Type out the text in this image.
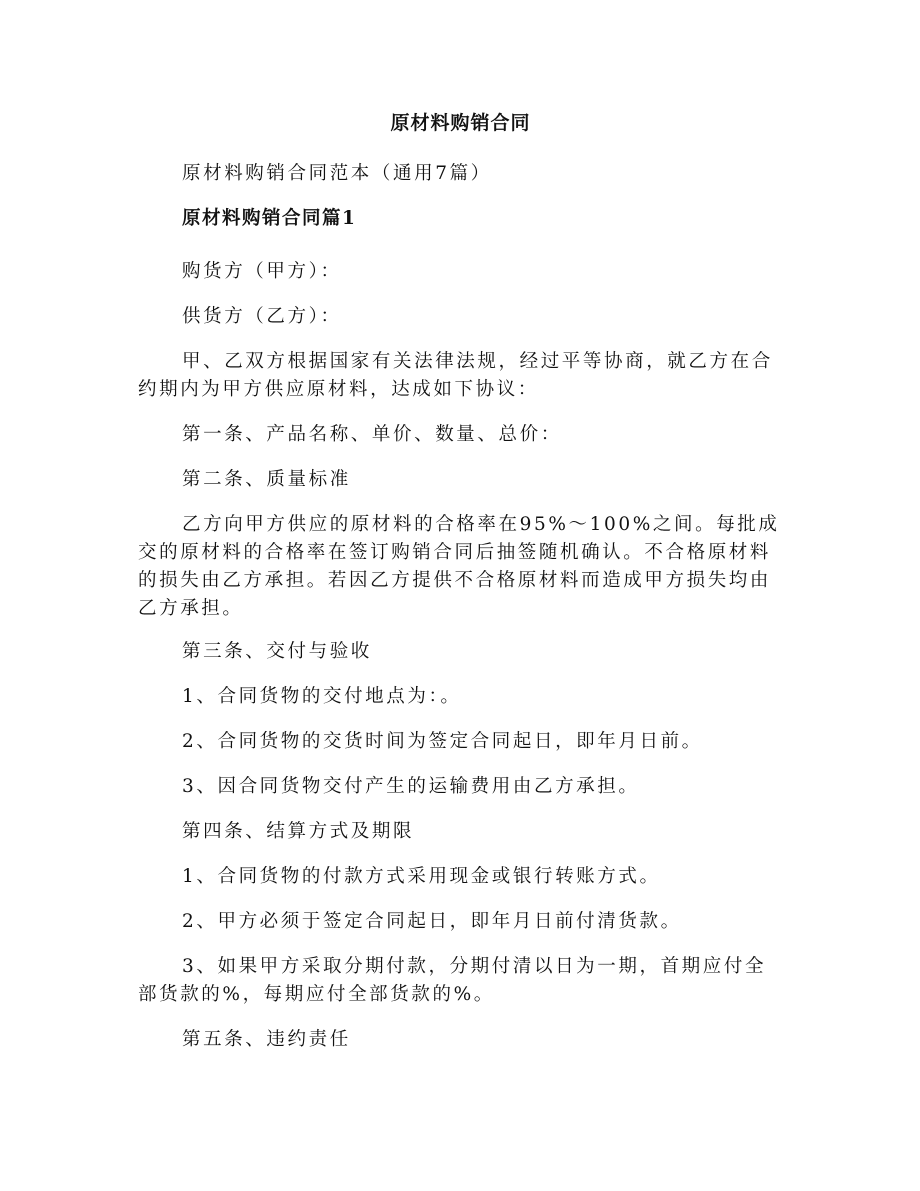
原材料购销合同
原材料购销合同范本（通用7篇）
原材料购销合同篇1
购货方（甲方）：
供货方（乙方）：
甲、乙双方根据国家有关法律法规，经过平等协商，就乙方在合约期内为甲方供应原材料，达成如下协议：
第一条、产品名称、单价、数量、总价：
第二条、质量标准
乙方向甲方供应的原材料的合格率在95%～100%之间。每批成交的原材料的合格率在签订购销合同后抽签随机确认。不合格原材料的损失由乙方承担。若因乙方提供不合格原材料而造成甲方损失均由乙方承担。
第三条、交付与验收
1、合同货物的交付地点为：。
2、合同货物的交货时间为签定合同起日，即年月日前。
3、因合同货物交付产生的运输费用由乙方承担。
第四条、结算方式及期限
1、合同货物的付款方式采用现金或银行转账方式。
2、甲方必须于签定合同起日，即年月日前付清货款。
3、如果甲方采取分期付款，分期付清以日为一期，首期应付全部货款的%，每期应付全部货款的%。
第五条、违约责任
